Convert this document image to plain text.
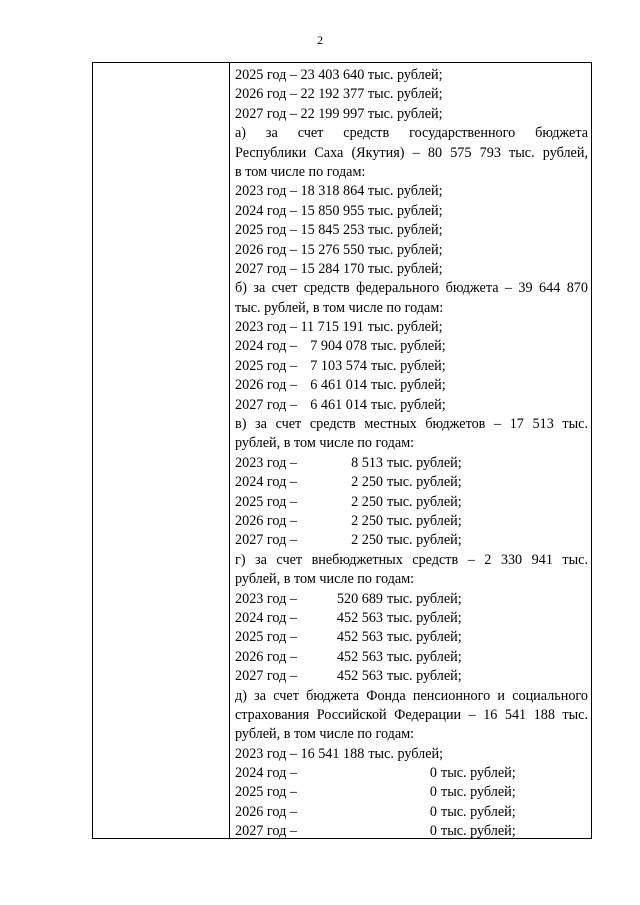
2
2025 год – 23 403 640 тыс. рублей;
2026 год – 22 192 377 тыс. рублей;
2027 год – 22 199 997 тыс. рублей;
а) за счет средств государственного бюджета
Республики Саха (Якутия) – 80 575 793 тыс. рублей,
в том числе по годам:
2023 год – 18 318 864 тыс. рублей;
2024 год – 15 850 955 тыс. рублей;
2025 год – 15 845 253 тыс. рублей;
2026 год – 15 276 550 тыс. рублей;
2027 год – 15 284 170 тыс. рублей;
б) за счет средств федерального бюджета – 39 644 870
тыс. рублей, в том числе по годам:
2023 год – 11 715 191 тыс. рублей;
2024 год – 7 904 078 тыс. рублей;
2025 год – 7 103 574 тыс. рублей;
2026 год – 6 461 014 тыс. рублей;
2027 год – 6 461 014 тыс. рублей;
в) за счет средств местных бюджетов – 17 513 тыс.
рублей, в том числе по годам:
2023 год –	8 513 тыс. рублей;
2024 год –	2 250 тыс. рублей;
2025 год –	2 250 тыс. рублей;
2026 год –	2 250 тыс. рублей;
2027 год –	2 250 тыс. рублей;
г) за счет внебюджетных средств – 2 330 941 тыс.
рублей, в том числе по годам:
2023 год –	520 689 тыс. рублей;
2024 год –	452 563 тыс. рублей;
2025 год –	452 563 тыс. рублей;
2026 год –	452 563 тыс. рублей;
2027 год –	452 563 тыс. рублей;
д) за счет бюджета Фонда пенсионного и социального
страхования Российской Федерации – 16 541 188 тыс.
рублей, в том числе по годам:
2023 год – 16 541 188 тыс. рублей;
2024 год –	0 тыс. рублей;
2025 год –	0 тыс. рублей;
2026 год –	0 тыс. рублей;
2027 год –	0 тыс. рублей;
